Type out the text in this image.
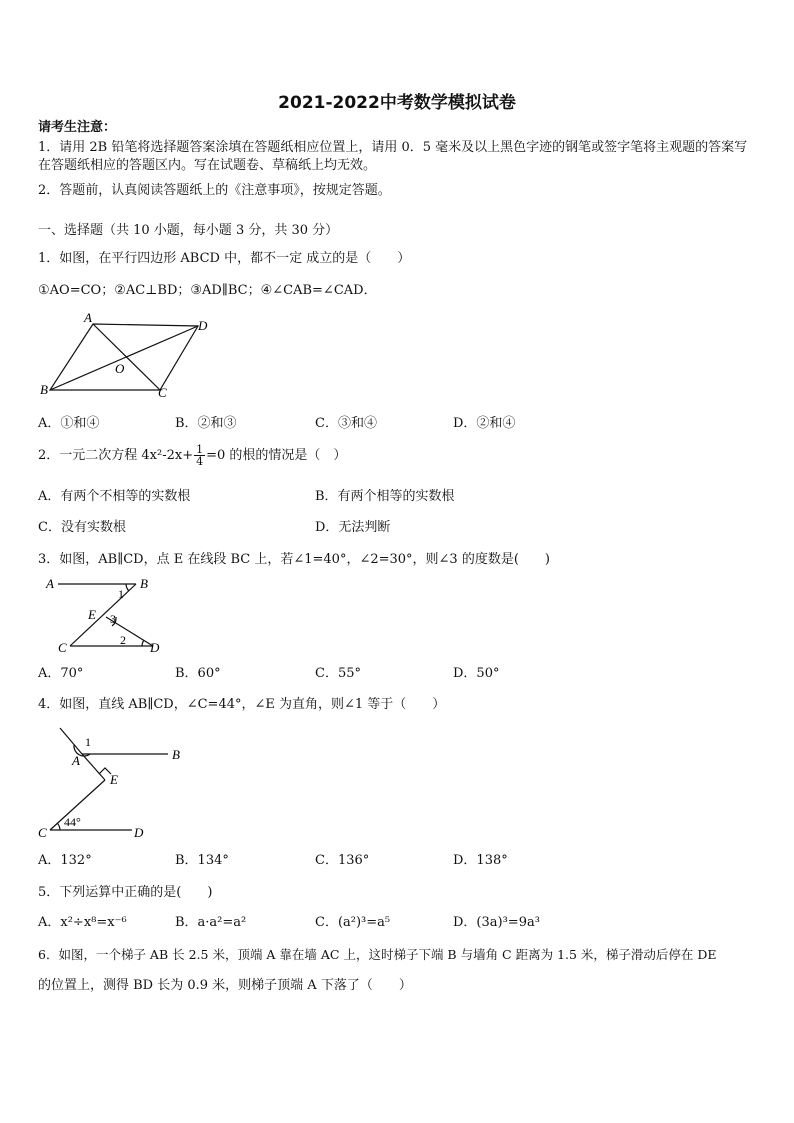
2021-2022中考数学模拟试卷
请考生注意：
1．请用 2B 铅笔将选择题答案涂填在答题纸相应位置上，请用 0．5 毫米及以上黑色字迹的钢笔或签字笔将主观题的答案写在答题纸相应的答题区内。写在试题卷、草稿纸上均无效。
2．答题前，认真阅读答题纸上的《注意事项》，按规定答题。
一、选择题（共 10 小题，每小题 3 分，共 30 分）
1．如图，在平行四边形 ABCD 中，都不一定 成立的是（　　）
①AO=CO；②AC⊥BD；③AD∥BC；④∠CAB=∠CAD．
A
D
O
B	C
A．①和④	B．②和③	C．③和④	D．②和④
2．一元二次方程 $4x^2-2x+ \frac{1}{4} =0$ 的根的情况是（　）
A．有两个不相等的实数根	B．有两个相等的实数根
C．没有实数根	D．无法判断
3．如图，AB∥CD，点 E 在线段 BC 上，若∠1=40°，∠2=30°，则∠3 的度数是(　　)
A	B
1
E 3
2
C	D
A．70°	B．60°	C．55°	D．50°
4．如图，直线 AB∥CD，∠C=44°，∠E 为直角，则∠1 等于（　　）
1
A	B
E
44°
C	D
A．132°	B．134°	C．136°	D．138°
5．下列运算中正确的是(　　)
A．x²÷x⁸=x⁻⁶	B．a·a²=a²	C．(a²)³=a⁵	D．(3a)³=9a³
6．如图，一个梯子 AB 长 2.5 米，顶端 A 靠在墙 AC 上，这时梯子下端 B 与墙角 C 距离为 1.5 米，梯子滑动后停在 DE
的位置上，测得 BD 长为 0.9 米，则梯子顶端 A 下落了（　　）
